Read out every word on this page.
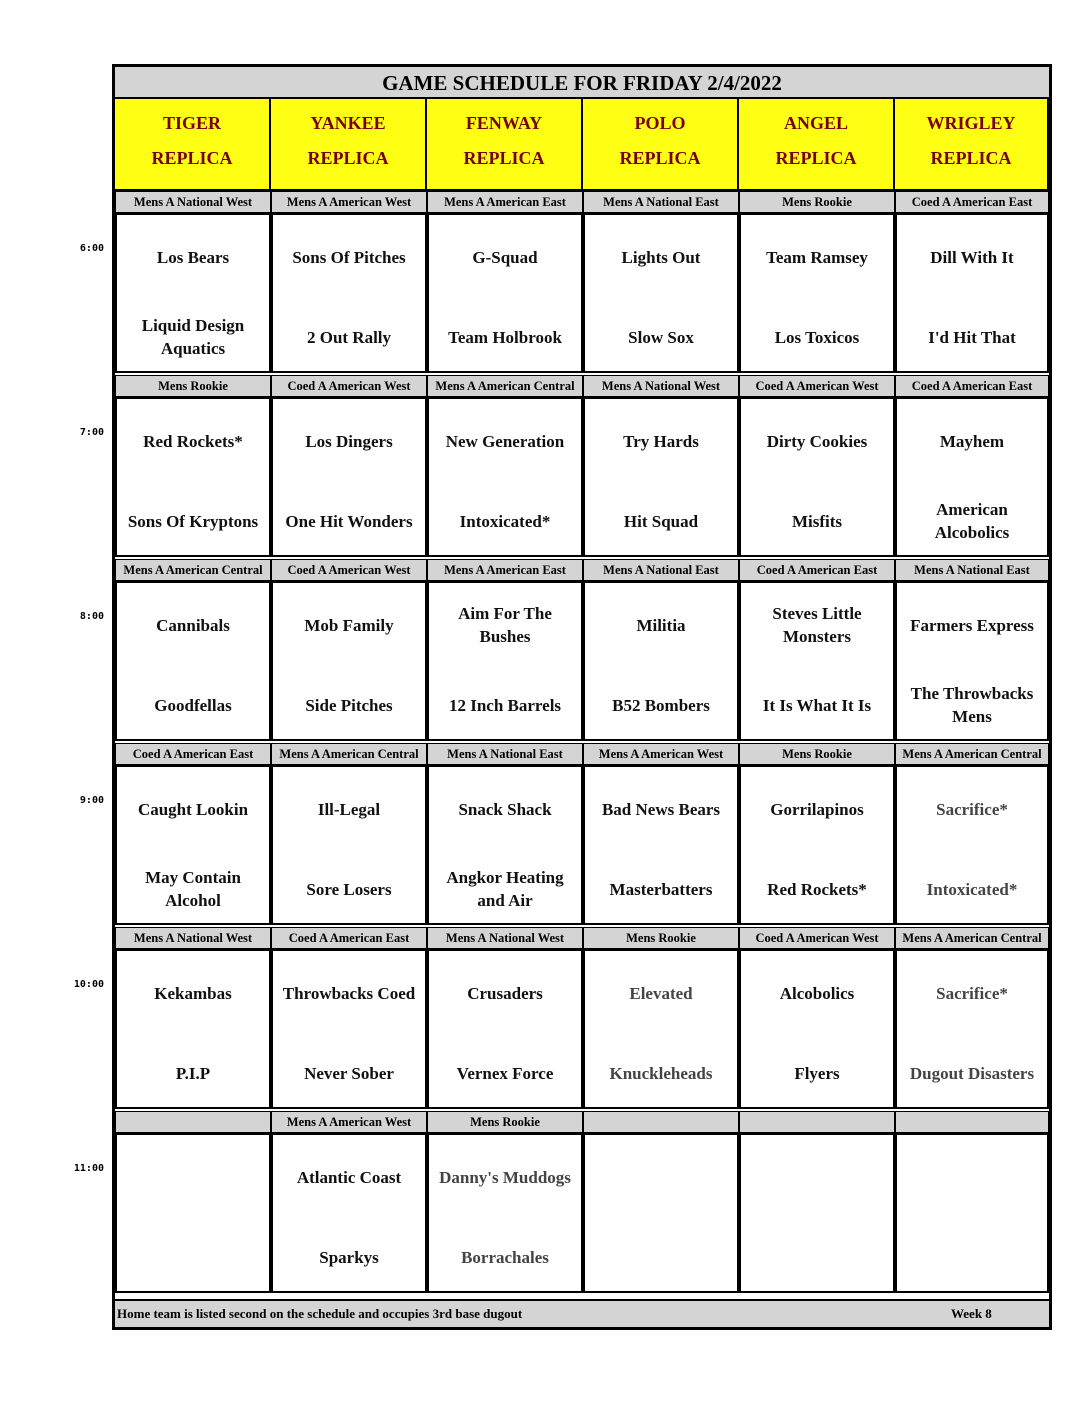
6:00
7:00
8:00
9:00
10:00
11:00
GAME SCHEDULE FOR FRIDAY 2/4/2022
TIGER
REPLICA
YANKEE
REPLICA
FENWAY
REPLICA
POLO
REPLICA
ANGEL
REPLICA
WRIGLEY
REPLICA
Mens A National West
Los Bears
Liquid Design Aquatics
Mens A American West
Sons Of Pitches
2 Out Rally
Mens A American East
G-Squad
Team Holbrook
Mens A National East
Lights Out
Slow Sox
Mens Rookie
Team Ramsey
Los Toxicos
Coed A American East
Dill With It
I'd Hit That
Mens Rookie
Red Rockets*
Sons Of Kryptons
Coed A American West
Los Dingers
One Hit Wonders
Mens A American Central
New Generation
Intoxicated*
Mens A National West
Try Hards
Hit Squad
Coed A American West
Dirty Cookies
Misfits
Coed A American East
Mayhem
American Alcobolics
Mens A American Central
Cannibals
Goodfellas
Coed A American West
Mob Family
Side Pitches
Mens A American East
Aim For The Bushes
12 Inch Barrels
Mens A National East
Militia
B52 Bombers
Coed A American East
Steves Little Monsters
It Is What It Is
Mens A National East
Farmers Express
The Throwbacks Mens
Coed A American East
Caught Lookin
May Contain Alcohol
Mens A American Central
Ill-Legal
Sore Losers
Mens A National East
Snack Shack
Angkor Heating and Air
Mens A American West
Bad News Bears
Masterbatters
Mens Rookie
Gorrilapinos
Red Rockets*
Mens A American Central
Sacrifice*
Intoxicated*
Mens A National West
Kekambas
P.I.P
Coed A American East
Throwbacks Coed
Never Sober
Mens A National West
Crusaders
Vernex Force
Mens Rookie
Elevated
Knuckleheads
Coed A American West
Alcobolics
Flyers
Mens A American Central
Sacrifice*
Dugout Disasters
Mens A American West
Atlantic Coast
Sparkys
Mens Rookie
Danny's Muddogs
Borrachales
Home team is listed second on the schedule and occupies 3rd base dugout	Week 8
